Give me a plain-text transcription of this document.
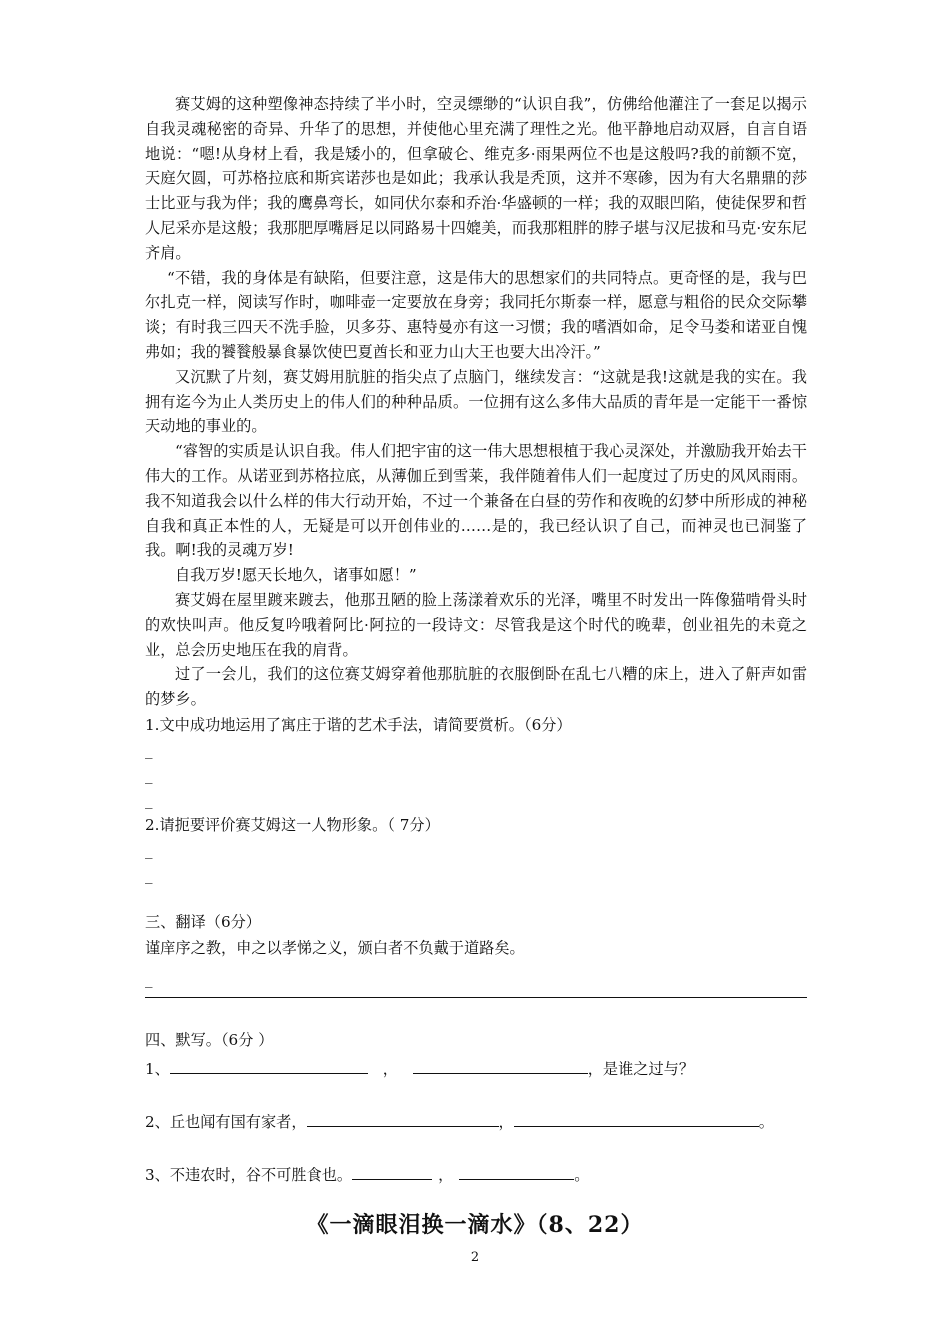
赛艾姆的这种塑像神态持续了半小时，空灵缥缈的“认识自我”，仿佛给他灌注了一套足以揭示自我灵魂秘密的奇异、升华了的思想，并使他心里充满了理性之光。他平静地启动双唇，自言自语地说：“嗯!从身材上看，我是矮小的，但拿破仑、维克多·雨果两位不也是这般吗?我的前额不宽，天庭欠圆，可苏格拉底和斯宾诺莎也是如此；我承认我是秃顶，这并不寒碜，因为有大名鼎鼎的莎士比亚与我为伴；我的鹰鼻弯长，如同伏尔泰和乔治·华盛顿的一样；我的双眼凹陷，使徒保罗和哲人尼采亦是这般；我那肥厚嘴唇足以同路易十四媲美，而我那粗胖的脖子堪与汉尼拔和马克·安东尼齐肩。

“不错，我的身体是有缺陷，但要注意，这是伟大的思想家们的共同特点。更奇怪的是，我与巴尔扎克一样，阅读写作时，咖啡壶一定要放在身旁；我同托尔斯泰一样，愿意与粗俗的民众交际攀谈；有时我三四天不洗手脸，贝多芬、惠特曼亦有这一习惯；我的嗜酒如命，足令马娄和诺亚自愧弗如；我的饕餮般暴食暴饮使巴夏酋长和亚力山大王也要大出冷汗。”

又沉默了片刻，赛艾姆用肮脏的指尖点了点脑门，继续发言：“这就是我!这就是我的实在。我拥有迄今为止人类历史上的伟人们的种种品质。一位拥有这么多伟大品质的青年是一定能干一番惊天动地的事业的。

“睿智的实质是认识自我。伟人们把宇宙的这一伟大思想根植于我心灵深处，并激励我开始去干伟大的工作。从诺亚到苏格拉底，从薄伽丘到雪莱，我伴随着伟人们一起度过了历史的风风雨雨。我不知道我会以什么样的伟大行动开始，不过一个兼备在白昼的劳作和夜晚的幻梦中所形成的神秘自我和真正本性的人，无疑是可以开创伟业的……是的，我已经认识了自己，而神灵也已洞鉴了我。啊!我的灵魂万岁!

自我万岁!愿天长地久，诸事如愿！”

赛艾姆在屋里踱来踱去，他那丑陋的脸上荡漾着欢乐的光泽，嘴里不时发出一阵像猫啃骨头时的欢快叫声。他反复吟哦着阿比·阿拉的一段诗文：尽管我是这个时代的晚辈，创业祖先的未竟之业，总会历史地压在我的肩背。

过了一会儿，我们的这位赛艾姆穿着他那肮脏的衣服倒卧在乱七八糟的床上，进入了鼾声如雷的梦乡。

1.文中成功地运用了寓庄于谐的艺术手法，请简要赏析。（6分）

_
_
_

2.请扼要评价赛艾姆这一人物形象。（ 7分）

_
_

三、翻译（6分）

谨庠序之教，申之以孝悌之义，颁白者不负戴于道路矣。

_

四、默写。（6分 ）

1、	，	，是谁之过与？

2、丘也闻有国有家者，	，	。

3、不违农时，谷不可胜食也。	，	。

《一滴眼泪换一滴水》（8、22）
2
